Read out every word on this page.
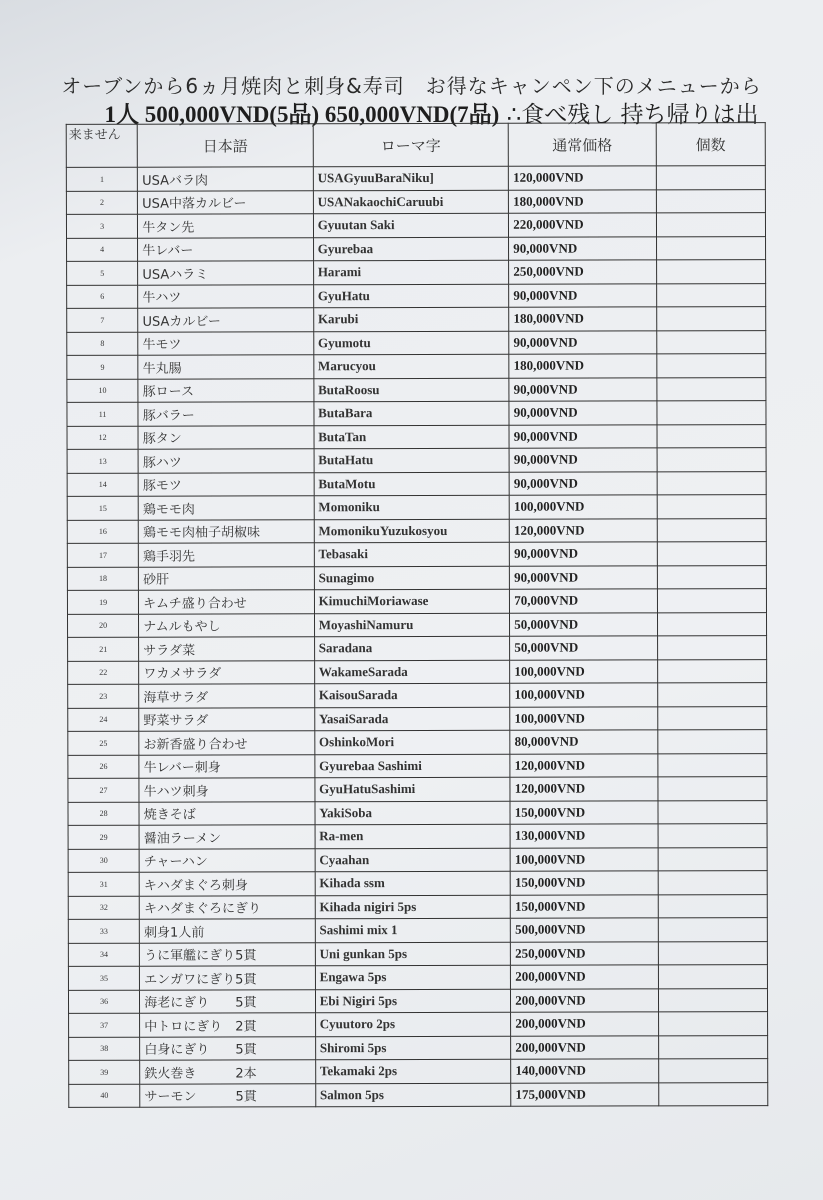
オーブンから6ヵ月焼肉と刺身&寿司　お得なキャンペン下のメニューから
1人 500,000VND(5品) 650,000VND(7品) ∴食べ残し 持ち帰りは出
来ません	日本語	ローマ字	通常価格	個数
1	USAバラ肉	USAGyuuBaraNiku]	120,000VND	
2	USA中落カルビー	USANakaochiCaruubi	180,000VND	
3	牛タン先	Gyuutan Saki	220,000VND	
4	牛レバー	Gyurebaa	90,000VND	
5	USAハラミ	Harami	250,000VND	
6	牛ハツ	GyuHatu	90,000VND	
7	USAカルビー	Karubi	180,000VND	
8	牛モツ	Gyumotu	90,000VND	
9	牛丸腸	Marucyou	180,000VND	
10	豚ロース	ButaRoosu	90,000VND	
11	豚バラー	ButaBara	90,000VND	
12	豚タン	ButaTan	90,000VND	
13	豚ハツ	ButaHatu	90,000VND	
14	豚モツ	ButaMotu	90,000VND	
15	鶏モモ肉	Momoniku	100,000VND	
16	鶏モモ肉柚子胡椒味	MomonikuYuzukosyou	120,000VND	
17	鶏手羽先	Tebasaki	90,000VND	
18	砂肝	Sunagimo	90,000VND	
19	キムチ盛り合わせ	KimuchiMoriawase	70,000VND	
20	ナムルもやし	MoyashiNamuru	50,000VND	
21	サラダ菜	Saradana	50,000VND	
22	ワカメサラダ	WakameSarada	100,000VND	
23	海草サラダ	KaisouSarada	100,000VND	
24	野菜サラダ	YasaiSarada	100,000VND	
25	お新香盛り合わせ	OshinkoMori	80,000VND	
26	牛レバー刺身	Gyurebaa Sashimi	120,000VND	
27	牛ハツ刺身	GyuHatuSashimi	120,000VND	
28	焼きそば	YakiSoba	150,000VND	
29	醤油ラーメン	Ra-men	130,000VND	
30	チャーハン	Cyaahan	100,000VND	
31	キハダまぐろ刺身	Kihada ssm	150,000VND	
32	キハダまぐろにぎり	Kihada nigiri 5ps	150,000VND	
33	刺身1人前	Sashimi mix 1	500,000VND	
34	うに軍艦にぎり5貫	Uni gunkan 5ps	250,000VND	
35	エンガワにぎり5貫	Engawa 5ps	200,000VND	
36	海老にぎり　　5貫	Ebi Nigiri 5ps	200,000VND	
37	中トロにぎり　2貫	Cyuutoro 2ps	200,000VND	
38	白身にぎり　　5貫	Shiromi 5ps	200,000VND	
39	鉄火巻き　　　2本	Tekamaki 2ps	140,000VND	
40	サーモン　　　5貫	Salmon 5ps	175,000VND	
